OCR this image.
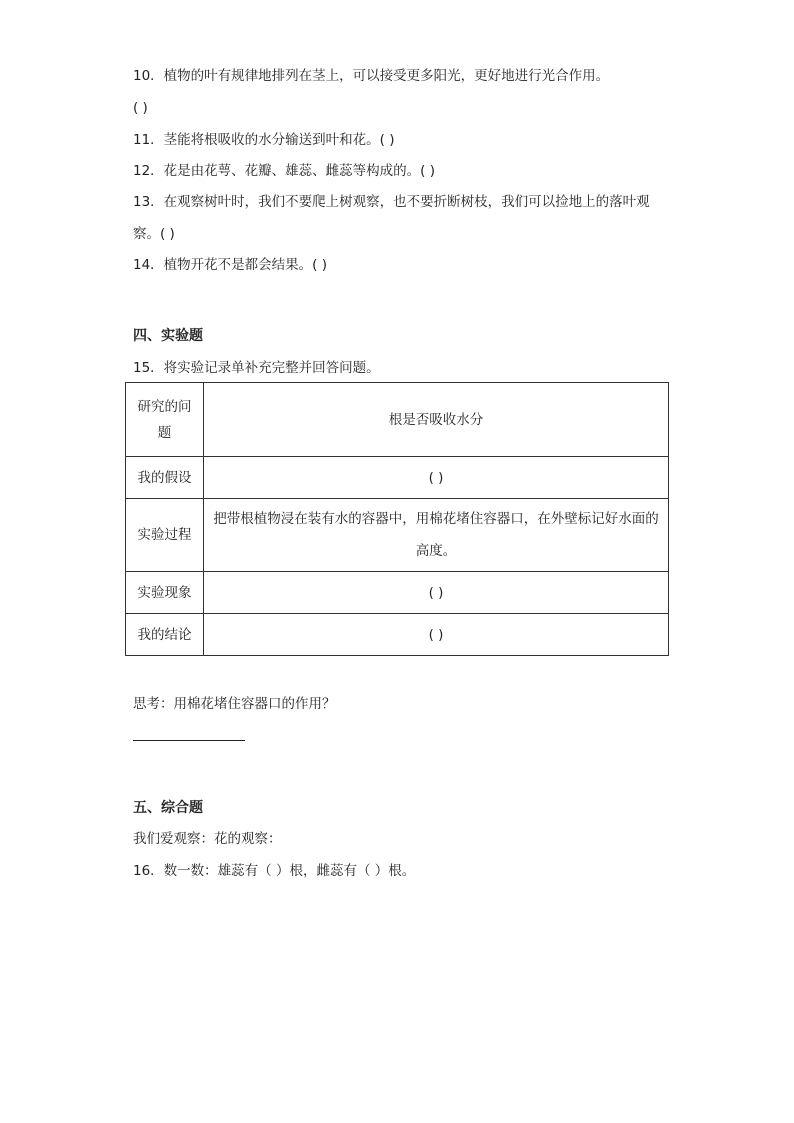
10．植物的叶有规律地排列在茎上，可以接受更多阳光，更好地进行光合作用。
( )
11．茎能将根吸收的水分输送到叶和花。( )
12．花是由花萼、花瓣、雄蕊、雌蕊等构成的。( )
13．在观察树叶时，我们不要爬上树观察，也不要折断树枝，我们可以捡地上的落叶观
察。( )
14．植物开花不是都会结果。( )
四、实验题
15．将实验记录单补充完整并回答问题。
研究的问题	根是否吸收水分
我的假设	( )
实验过程	把带根植物浸在装有水的容器中，用棉花堵住容器口，在外壁标记好水面的高度。

实验现象	( )
我的结论	( )
思考：用棉花堵住容器口的作用？
五、综合题
我们爱观察：花的观察：
16．数一数：雄蕊有（ ）根，雌蕊有（ ）根。
